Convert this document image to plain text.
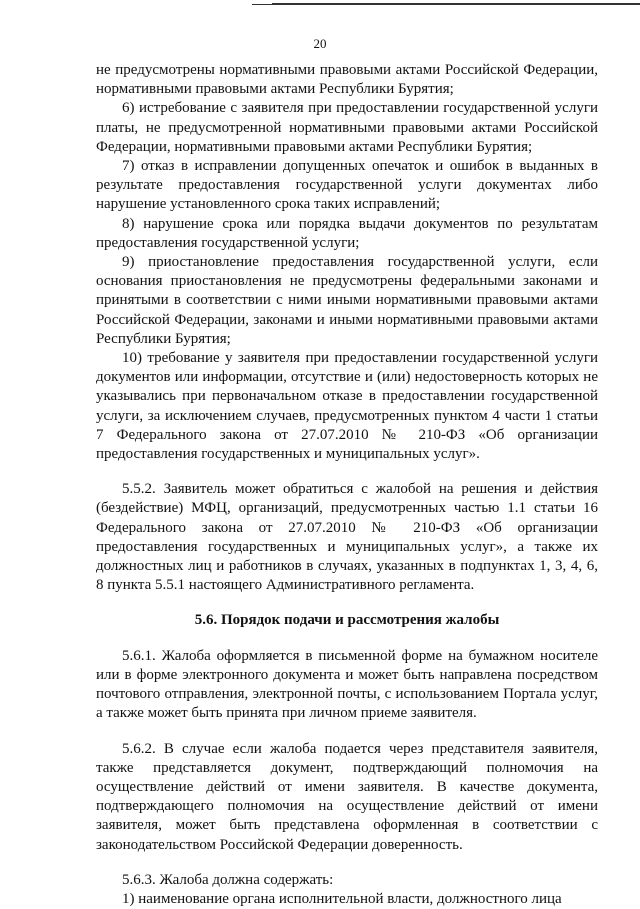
20

не предусмотрены нормативными правовыми актами Российской Федерации, нормативными правовыми актами Республики Бурятия;

6) истребование с заявителя при предоставлении государственной услуги платы, не предусмотренной нормативными правовыми актами Российской Федерации, нормативными правовыми актами Республики Бурятия;

7) отказ в исправлении допущенных опечаток и ошибок в выданных в результате предоставления государственной услуги документах либо нарушение установленного срока таких исправлений;

8) нарушение срока или порядка выдачи документов по результатам предоставления государственной услуги;

9) приостановление предоставления государственной услуги, если основания приостановления не предусмотрены федеральными законами и принятыми в соответствии с ними иными нормативными правовыми актами Российской Федерации, законами и иными нормативными правовыми актами Республики Бурятия;

10) требование у заявителя при предоставлении государственной услуги документов или информации, отсутствие и (или) недостоверность которых не указывались при первоначальном отказе в предоставлении государственной услуги, за исключением случаев, предусмотренных пунктом 4 части 1 статьи 7 Федерального закона от 27.07.2010 № 210-ФЗ «Об организации предоставления государственных и муниципальных услуг».

5.5.2. Заявитель может обратиться с жалобой на решения и действия (бездействие) МФЦ, организаций, предусмотренных частью 1.1 статьи 16 Федерального закона от 27.07.2010 № 210-ФЗ «Об организации предоставления государственных и муниципальных услуг», а также их должностных лиц и работников в случаях, указанных в подпунктах 1, 3, 4, 6, 8 пункта 5.5.1 настоящего Административного регламента.

5.6. Порядок подачи и рассмотрения жалобы

5.6.1. Жалоба оформляется в письменной форме на бумажном носителе или в форме электронного документа и может быть направлена посредством почтового отправления, электронной почты, с использованием Портала услуг, а также может быть принята при личном приеме заявителя.

5.6.2. В случае если жалоба подается через представителя заявителя, также представляется документ, подтверждающий полномочия на осуществление действий от имени заявителя. В качестве документа, подтверждающего полномочия на осуществление действий от имени заявителя, может быть представлена оформленная в соответствии с законодательством Российской Федерации доверенность.

5.6.3. Жалоба должна содержать:

1) наименование органа исполнительной власти, должностного лица
